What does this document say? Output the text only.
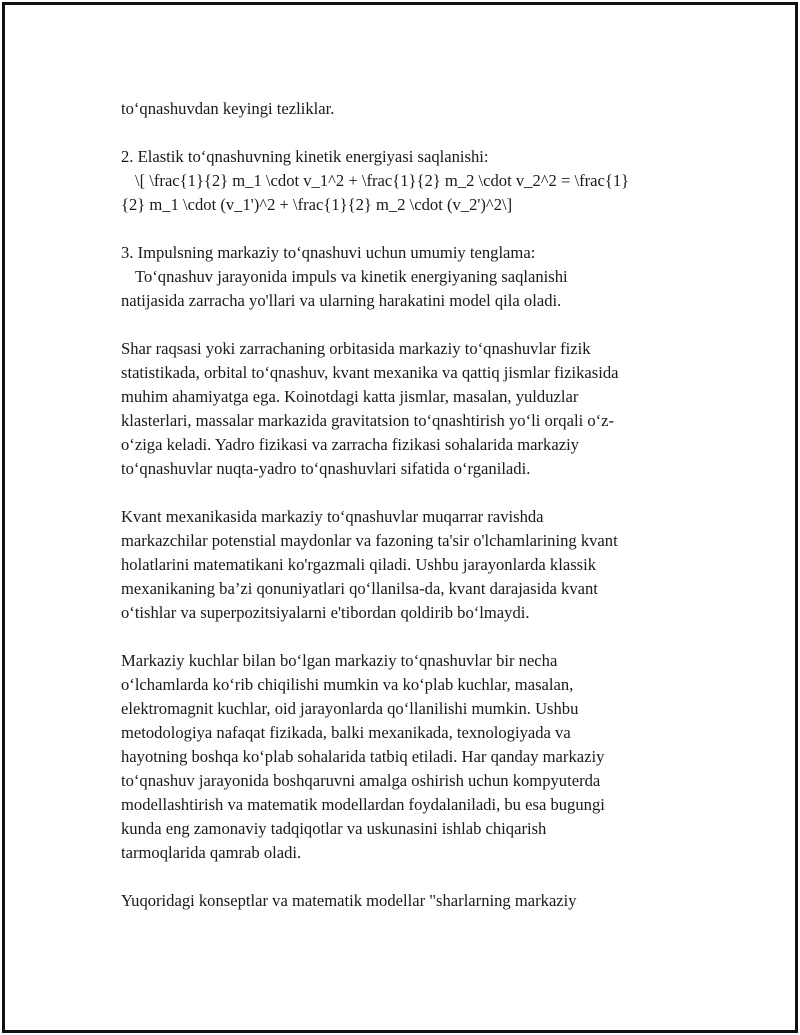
to‘qnashuvdan keyingi tezliklar.

2. Elastik to‘qnashuvning kinetik energiyasi saqlanishi:
\[ \frac{1}{2} m_1 \cdot v_1^2 + \frac{1}{2} m_2 \cdot v_2^2 = \frac{1}
{2} m_1 \cdot (v_1')^2 + \frac{1}{2} m_2 \cdot (v_2')^2\]

3. Impulsning markaziy to‘qnashuvi uchun umumiy tenglama:
To‘qnashuv jarayonida impuls va kinetik energiyaning saqlanishi
natijasida zarracha yo'llari va ularning harakatini model qila oladi.

Shar raqsasi yoki zarrachaning orbitasida markaziy to‘qnashuvlar fizik
statistikada, orbital to‘qnashuv, kvant mexanika va qattiq jismlar fizikasida
muhim ahamiyatga ega. Koinotdagi katta jismlar, masalan, yulduzlar
klasterlari, massalar markazida gravitatsion to‘qnashtirish yo‘li orqali o‘z-
o‘ziga keladi. Yadro fizikasi va zarracha fizikasi sohalarida markaziy
to‘qnashuvlar nuqta-yadro to‘qnashuvlari sifatida o‘rganiladi.

Kvant mexanikasida markaziy to‘qnashuvlar muqarrar ravishda
markazchilar potenstial maydonlar va fazoning ta'sir o'lchamlarining kvant
holatlarini matematikani ko'rgazmali qiladi. Ushbu jarayonlarda klassik
mexanikaning ba’zi qonuniyatlari qo‘llanilsa-da, kvant darajasida kvant
o‘tishlar va superpozitsiyalarni e'tibordan qoldirib bo‘lmaydi.

Markaziy kuchlar bilan bo‘lgan markaziy to‘qnashuvlar bir necha
o‘lchamlarda ko‘rib chiqilishi mumkin va ko‘plab kuchlar, masalan,
elektromagnit kuchlar, oid jarayonlarda qo‘llanilishi mumkin. Ushbu
metodologiya nafaqat fizikada, balki mexanikada, texnologiyada va
hayotning boshqa ko‘plab sohalarida tatbiq etiladi. Har qanday markaziy
to‘qnashuv jarayonida boshqaruvni amalga oshirish uchun kompyuterda
modellashtirish va matematik modellardan foydalaniladi, bu esa bugungi
kunda eng zamonaviy tadqiqotlar va uskunasini ishlab chiqarish
tarmoqlarida qamrab oladi.

Yuqoridagi konseptlar va matematik modellar "sharlarning markaziy
